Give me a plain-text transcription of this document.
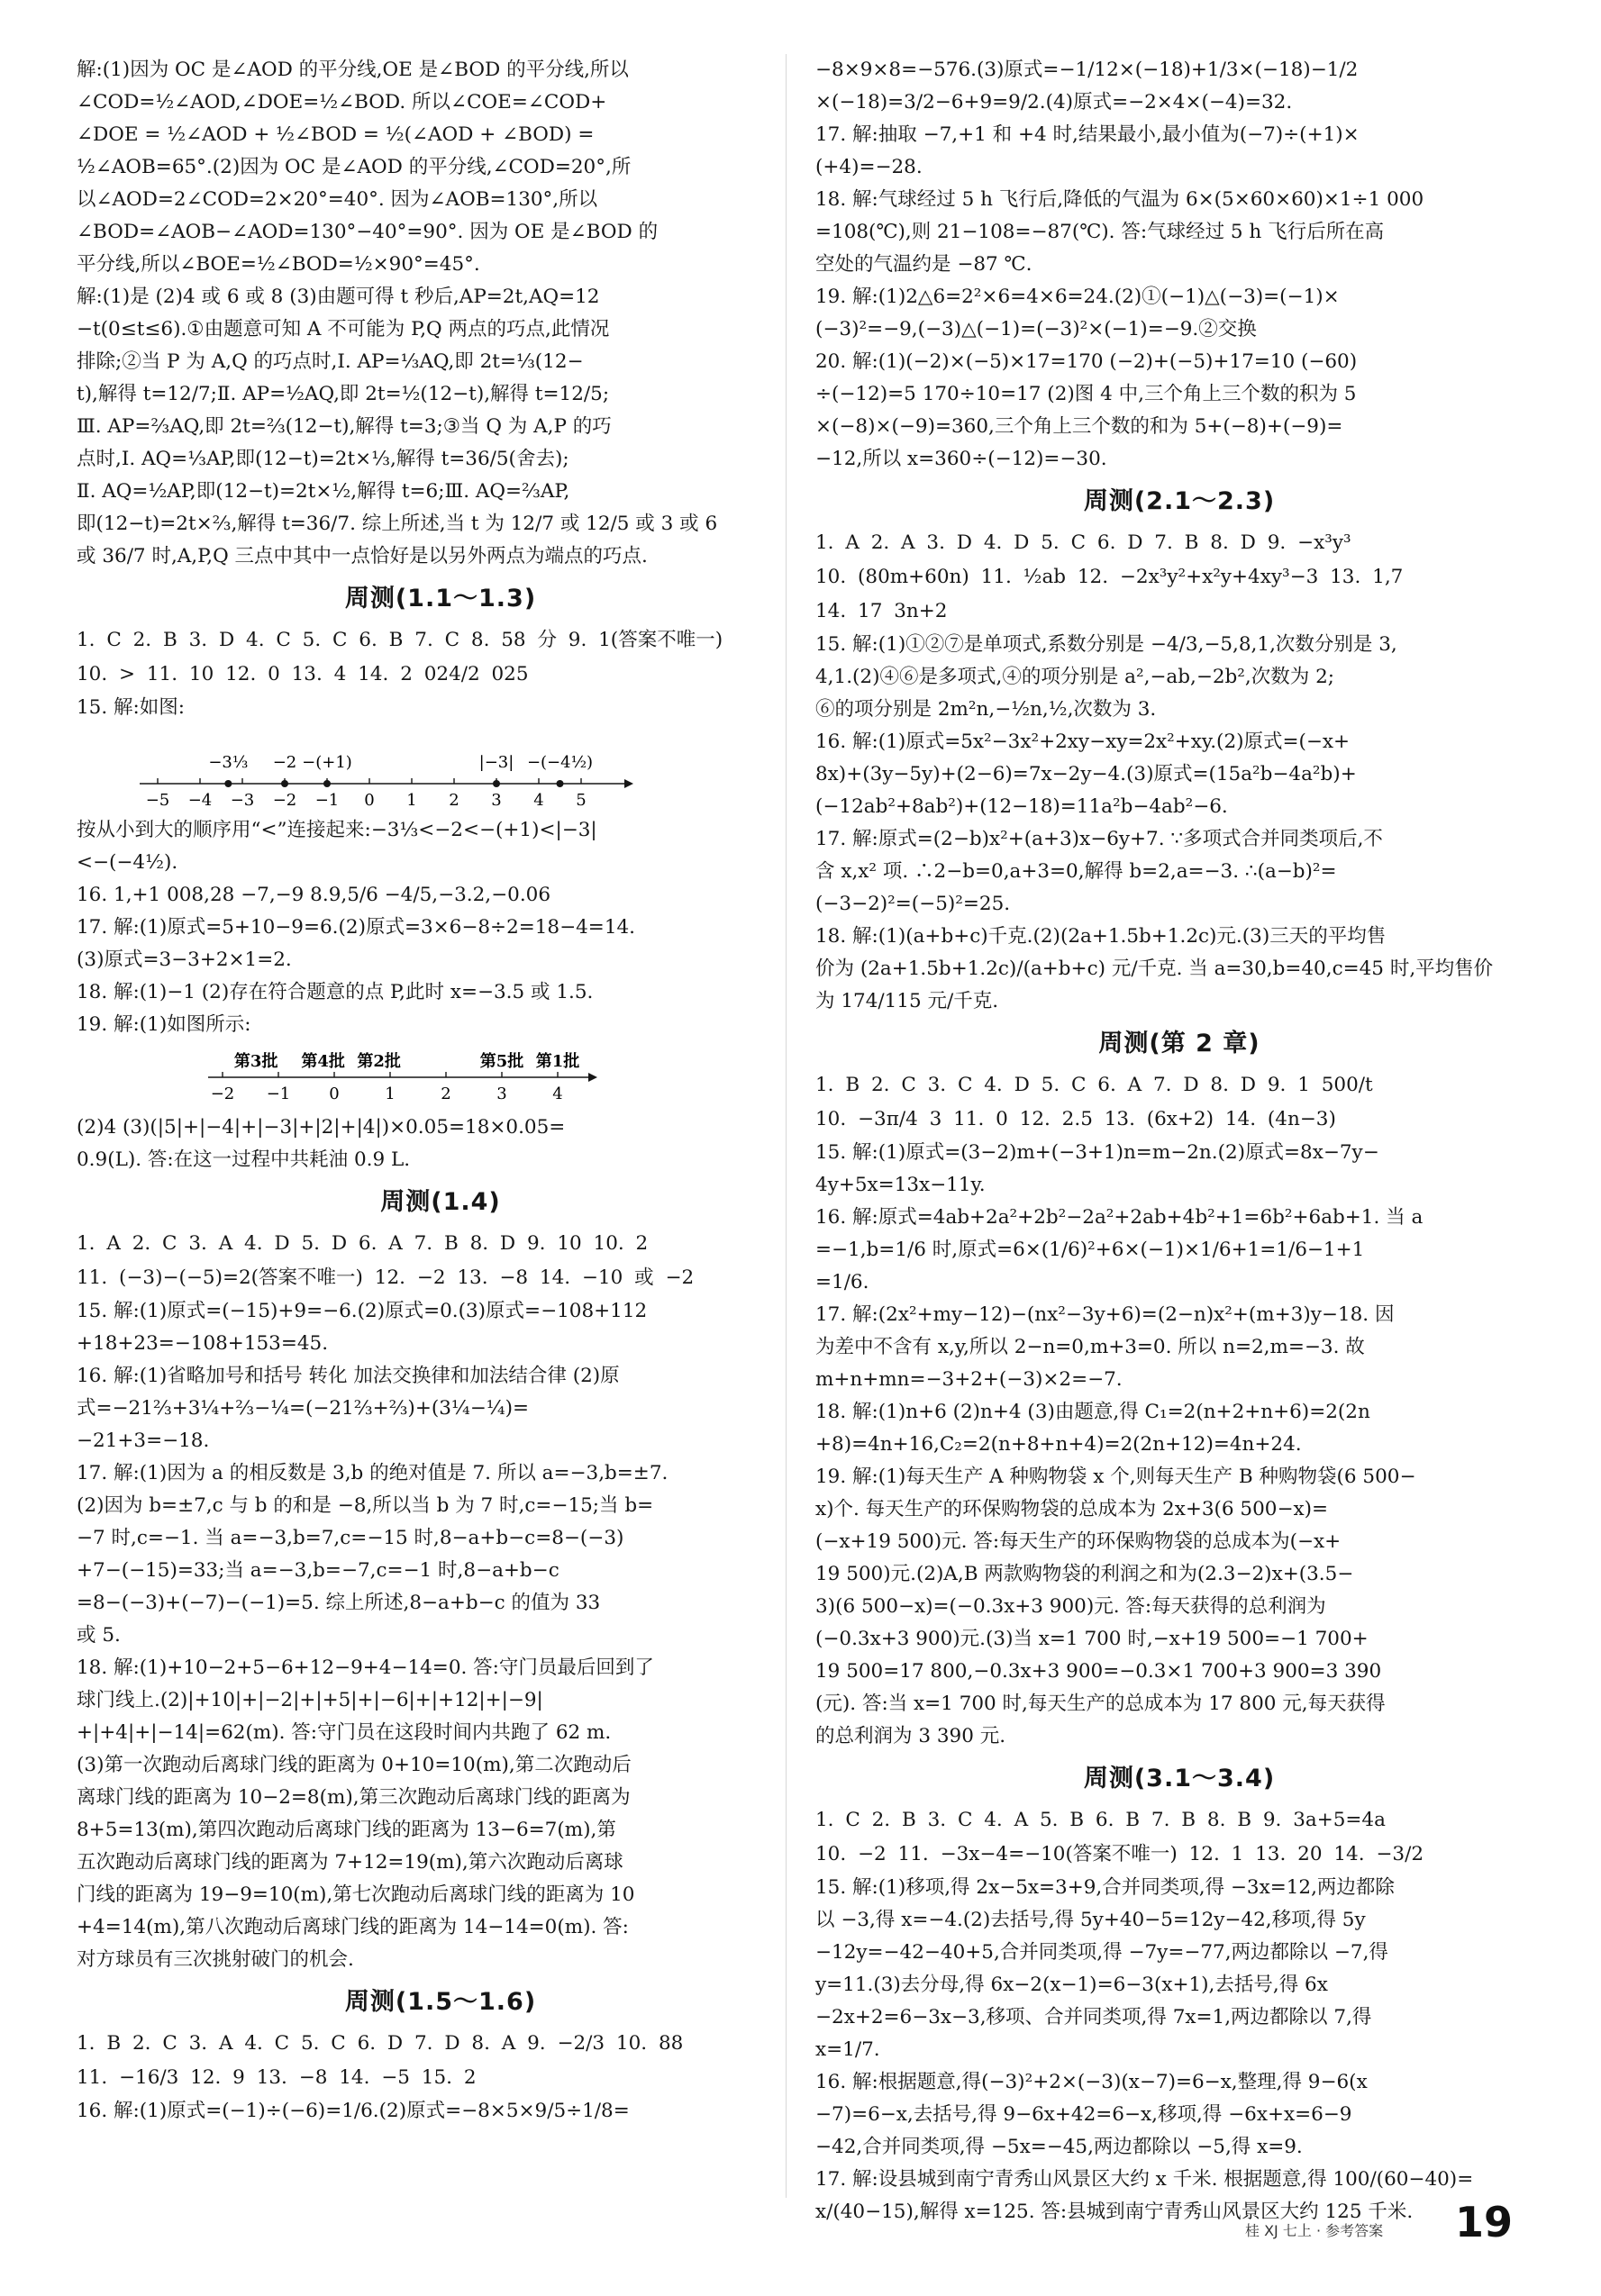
解:(1)因为 OC 是∠AOD 的平分线,OE 是∠BOD 的平分线,所以
∠COD=½∠AOD,∠DOE=½∠BOD. 所以∠COE=∠COD+
∠DOE = ½∠AOD + ½∠BOD = ½(∠AOD + ∠BOD) =
½∠AOB=65°.(2)因为 OC 是∠AOD 的平分线,∠COD=20°,所
以∠AOD=2∠COD=2×20°=40°. 因为∠AOB=130°,所以
∠BOD=∠AOB−∠AOD=130°−40°=90°. 因为 OE 是∠BOD 的
平分线,所以∠BOE=½∠BOD=½×90°=45°.
解:(1)是 (2)4 或 6 或 8 (3)由题可得 t 秒后,AP=2t,AQ=12
−t(0≤t≤6).①由题意可知 A 不可能为 P,Q 两点的巧点,此情况
排除;②当 P 为 A,Q 的巧点时,Ⅰ. AP=⅓AQ,即 2t=⅓(12−
t),解得 t=12/7;Ⅱ. AP=½AQ,即 2t=½(12−t),解得 t=12/5;
Ⅲ. AP=⅔AQ,即 2t=⅔(12−t),解得 t=3;③当 Q 为 A,P 的巧
点时,Ⅰ. AQ=⅓AP,即(12−t)=2t×⅓,解得 t=36/5(舍去);
Ⅱ. AQ=½AP,即(12−t)=2t×½,解得 t=6;Ⅲ. AQ=⅔AP,
即(12−t)=2t×⅔,解得 t=36/7. 综上所述,当 t 为 12/7 或 12/5 或 3 或 6
或 36/7 时,A,P,Q 三点中其中一点恰好是以另外两点为端点的巧点.
周测(1.1～1.3)
1. C 2. B 3. D 4. C 5. C 6. B 7. C 8. 58 分 9. 1(答案不唯一)
10. > 11. 10 12. 0 13. 4 14. 2 024/2 025
15. 解:如图:
−5 −4 −3 −2 −1 0 1 2 3 4 5
−3⅓ −2 −(+1)	|−3| −(−4½)
按从小到大的顺序用“<”连接起来:−3⅓<−2<−(+1)<|−3|
<−(−4½).
16. 1,+1 008,28 −7,−9 8.9,5/6 −4/5,−3.2,−0.06
17. 解:(1)原式=5+10−9=6.(2)原式=3×6−8÷2=18−4=14.
(3)原式=3−3+2×1=2.
18. 解:(1)−1 (2)存在符合题意的点 P,此时 x=−3.5 或 1.5.
19. 解:(1)如图所示:
−2 −1 0	1	2	3	4
第3批 第4批 第2批	第5批 第1批
(2)4 (3)(|5|+|−4|+|−3|+|2|+|4|)×0.05=18×0.05=
0.9(L). 答:在这一过程中共耗油 0.9 L.
周测(1.4)
1. A 2. C 3. A 4. D 5. D 6. A 7. B 8. D 9. 10 10. 2
11. (−3)−(−5)=2(答案不唯一) 12. −2 13. −8 14. −10 或 −2
15. 解:(1)原式=(−15)+9=−6.(2)原式=0.(3)原式=−108+112
+18+23=−108+153=45.
16. 解:(1)省略加号和括号 转化 加法交换律和加法结合律 (2)原
式=−21⅔+3¼+⅔−¼=(−21⅔+⅔)+(3¼−¼)=
−21+3=−18.
17. 解:(1)因为 a 的相反数是 3,b 的绝对值是 7. 所以 a=−3,b=±7.
(2)因为 b=±7,c 与 b 的和是 −8,所以当 b 为 7 时,c=−15;当 b=
−7 时,c=−1. 当 a=−3,b=7,c=−15 时,8−a+b−c=8−(−3)
+7−(−15)=33;当 a=−3,b=−7,c=−1 时,8−a+b−c
=8−(−3)+(−7)−(−1)=5. 综上所述,8−a+b−c 的值为 33
或 5.
18. 解:(1)+10−2+5−6+12−9+4−14=0. 答:守门员最后回到了
球门线上.(2)|+10|+|−2|+|+5|+|−6|+|+12|+|−9|
+|+4|+|−14|=62(m). 答:守门员在这段时间内共跑了 62 m.
(3)第一次跑动后离球门线的距离为 0+10=10(m),第二次跑动后
离球门线的距离为 10−2=8(m),第三次跑动后离球门线的距离为
8+5=13(m),第四次跑动后离球门线的距离为 13−6=7(m),第
五次跑动后离球门线的距离为 7+12=19(m),第六次跑动后离球
门线的距离为 19−9=10(m),第七次跑动后离球门线的距离为 10
+4=14(m),第八次跑动后离球门线的距离为 14−14=0(m). 答:
对方球员有三次挑射破门的机会.
周测(1.5～1.6)
1. B 2. C 3. A 4. C 5. C 6. D 7. D 8. A 9. −2/3 10. 88
11. −16/3 12. 9 13. −8 14. −5 15. 2
16. 解:(1)原式=(−1)÷(−6)=1/6.(2)原式=−8×5×9/5÷1/8=
−8×9×8=−576.(3)原式=−1/12×(−18)+1/3×(−18)−1/2
×(−18)=3/2−6+9=9/2.(4)原式=−2×4×(−4)=32.
17. 解:抽取 −7,+1 和 +4 时,结果最小,最小值为(−7)÷(+1)×
(+4)=−28.
18. 解:气球经过 5 h 飞行后,降低的气温为 6×(5×60×60)×1÷1 000
=108(℃),则 21−108=−87(℃). 答:气球经过 5 h 飞行后所在高
空处的气温约是 −87 ℃.
19. 解:(1)2△6=2²×6=4×6=24.(2)①(−1)△(−3)=(−1)×
(−3)²=−9,(−3)△(−1)=(−3)²×(−1)=−9.②交换
20. 解:(1)(−2)×(−5)×17=170 (−2)+(−5)+17=10 (−60)
÷(−12)=5 170÷10=17 (2)图 4 中,三个角上三个数的积为 5
×(−8)×(−9)=360,三个角上三个数的和为 5+(−8)+(−9)=
−12,所以 x=360÷(−12)=−30.
周测(2.1～2.3)
1. A 2. A 3. D 4. D 5. C 6. D 7. B 8. D 9. −x³y³
10. (80m+60n) 11. ½ab 12. −2x³y²+x²y+4xy³−3 13. 1,7
14. 17 3n+2
15. 解:(1)①②⑦是单项式,系数分别是 −4/3,−5,8,1,次数分别是 3,
4,1.(2)④⑥是多项式,④的项分别是 a²,−ab,−2b²,次数为 2;
⑥的项分别是 2m²n,−½n,½,次数为 3.
16. 解:(1)原式=5x²−3x²+2xy−xy=2x²+xy.(2)原式=(−x+
8x)+(3y−5y)+(2−6)=7x−2y−4.(3)原式=(15a²b−4a²b)+
(−12ab²+8ab²)+(12−18)=11a²b−4ab²−6.
17. 解:原式=(2−b)x²+(a+3)x−6y+7. ∵多项式合并同类项后,不
含 x,x² 项. ∴2−b=0,a+3=0,解得 b=2,a=−3. ∴(a−b)²=
(−3−2)²=(−5)²=25.
18. 解:(1)(a+b+c)千克.(2)(2a+1.5b+1.2c)元.(3)三天的平均售
价为 (2a+1.5b+1.2c)/(a+b+c) 元/千克. 当 a=30,b=40,c=45 时,平均售价
为 174/115 元/千克.
周测(第 2 章)
1. B 2. C 3. C 4. D 5. C 6. A 7. D 8. D 9. 1 500/t
10. −3π/4 3 11. 0 12. 2.5 13. (6x+2) 14. (4n−3)
15. 解:(1)原式=(3−2)m+(−3+1)n=m−2n.(2)原式=8x−7y−
4y+5x=13x−11y.
16. 解:原式=4ab+2a²+2b²−2a²+2ab+4b²+1=6b²+6ab+1. 当 a
=−1,b=1/6 时,原式=6×(1/6)²+6×(−1)×1/6+1=1/6−1+1
=1/6.
17. 解:(2x²+my−12)−(nx²−3y+6)=(2−n)x²+(m+3)y−18. 因
为差中不含有 x,y,所以 2−n=0,m+3=0. 所以 n=2,m=−3. 故
m+n+mn=−3+2+(−3)×2=−7.
18. 解:(1)n+6 (2)n+4 (3)由题意,得 C₁=2(n+2+n+6)=2(2n
+8)=4n+16,C₂=2(n+8+n+4)=2(2n+12)=4n+24.
19. 解:(1)每天生产 A 种购物袋 x 个,则每天生产 B 种购物袋(6 500−
x)个. 每天生产的环保购物袋的总成本为 2x+3(6 500−x)=
(−x+19 500)元. 答:每天生产的环保购物袋的总成本为(−x+
19 500)元.(2)A,B 两款购物袋的利润之和为(2.3−2)x+(3.5−
3)(6 500−x)=(−0.3x+3 900)元. 答:每天获得的总利润为
(−0.3x+3 900)元.(3)当 x=1 700 时,−x+19 500=−1 700+
19 500=17 800,−0.3x+3 900=−0.3×1 700+3 900=3 390
(元). 答:当 x=1 700 时,每天生产的总成本为 17 800 元,每天获得
的总利润为 3 390 元.
周测(3.1～3.4)
1. C 2. B 3. C 4. A 5. B 6. B 7. B 8. B 9. 3a+5=4a
10. −2 11. −3x−4=−10(答案不唯一) 12. 1 13. 20 14. −3/2
15. 解:(1)移项,得 2x−5x=3+9,合并同类项,得 −3x=12,两边都除
以 −3,得 x=−4.(2)去括号,得 5y+40−5=12y−42,移项,得 5y
−12y=−42−40+5,合并同类项,得 −7y=−77,两边都除以 −7,得
y=11.(3)去分母,得 6x−2(x−1)=6−3(x+1),去括号,得 6x
−2x+2=6−3x−3,移项、合并同类项,得 7x=1,两边都除以 7,得
x=1/7.
16. 解:根据题意,得(−3)²+2×(−3)(x−7)=6−x,整理,得 9−6(x
−7)=6−x,去括号,得 9−6x+42=6−x,移项,得 −6x+x=6−9
−42,合并同类项,得 −5x=−45,两边都除以 −5,得 x=9.
17. 解:设县城到南宁青秀山风景区大约 x 千米. 根据题意,得 100/(60−40)=
x/(40−15),解得 x=125. 答:县城到南宁青秀山风景区大约 125 千米.
桂 XJ 七上 · 参考答案 19
